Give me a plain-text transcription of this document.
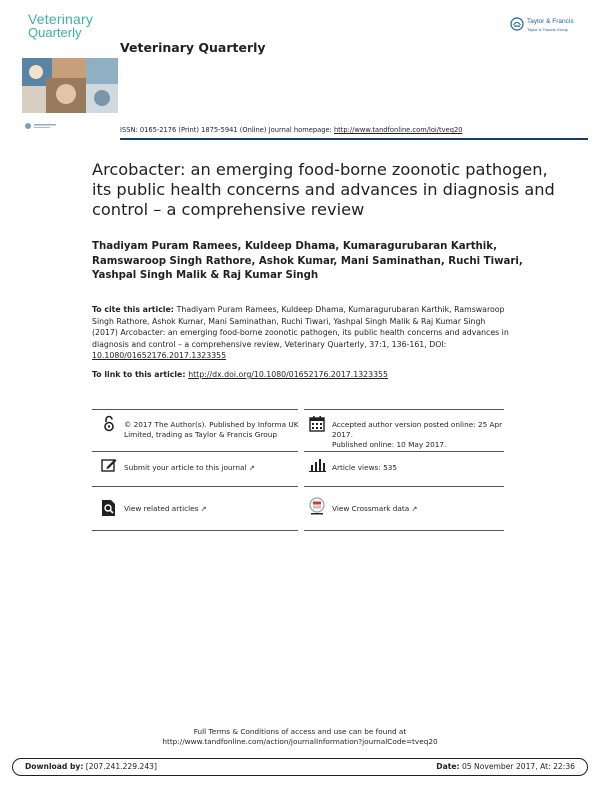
Veterinary

Quarterly
Veterinary Quarterly
Taylor & Francis
Taylor & Francis Group
ISSN: 0165-2176 (Print) 1875-5941 (Online) Journal homepage: http://www.tandfonline.com/loi/tveq20
Arcobacter: an emerging food-borne zoonotic pathogen, its public health concerns and advances in diagnosis and control – a comprehensive review
Thadiyam Puram Ramees, Kuldeep Dhama, Kumaragurubaran Karthik, Ramswaroop Singh Rathore, Ashok Kumar, Mani Saminathan, Ruchi Tiwari, Yashpal Singh Malik & Raj Kumar Singh
To cite this article: Thadiyam Puram Ramees, Kuldeep Dhama, Kumaragurubaran Karthik, Ramswaroop Singh Rathore, Ashok Kumar, Mani Saminathan, Ruchi Tiwari, Yashpal Singh Malik & Raj Kumar Singh (2017) Arcobacter: an emerging food-borne zoonotic pathogen, its public health concerns and advances in diagnosis and control – a comprehensive review, Veterinary Quarterly, 37:1, 136-161, DOI: 10.1080/01652176.2017.1323355
To link to this article: http://dx.doi.org/10.1080/01652176.2017.1323355
© 2017 The Author(s). Published by Informa UK Limited, trading as Taylor & Francis Group
Accepted author version posted online: 25 Apr 2017.
Published online: 10 May 2017.
Submit your article to this journal ↗	Article views: 535
View related articles ↗	View Crossmark data ↗
Full Terms & Conditions of access and use can be found at
http://www.tandfonline.com/action/journalInformation?journalCode=tveq20
Download by: [207.241.229.243]	Date: 05 November 2017, At: 22:36
